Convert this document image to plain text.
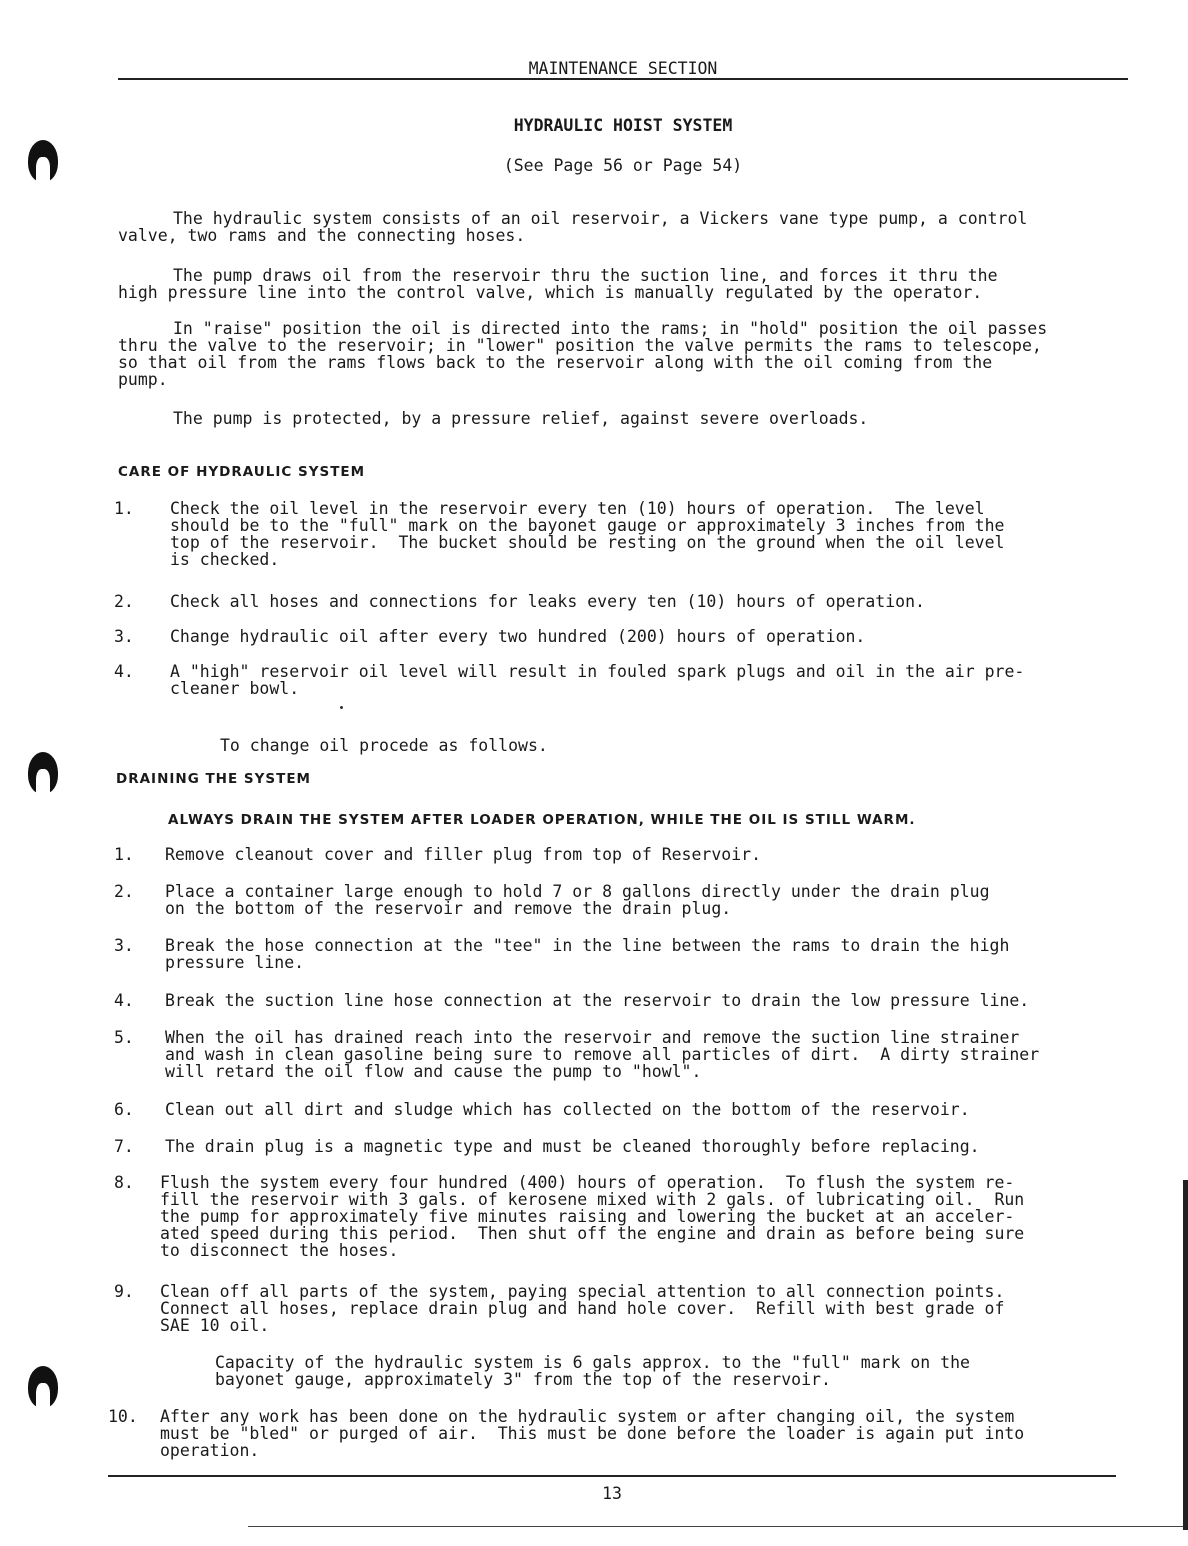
MAINTENANCE SECTION
HYDRAULIC HOIST SYSTEM
(See Page 56 or Page 54)
The hydraulic system consists of an oil reservoir, a Vickers vane type pump, a control
valve, two rams and the connecting hoses.
The pump draws oil from the reservoir thru the suction line, and forces it thru the
high pressure line into the control valve, which is manually regulated by the operator.
In "raise" position the oil is directed into the rams; in "hold" position the oil passes
thru the valve to the reservoir; in "lower" position the valve permits the rams to telescope,
so that oil from the rams flows back to the reservoir along with the oil coming from the
pump.
The pump is protected, by a pressure relief, against severe overloads.
CARE OF HYDRAULIC SYSTEM
1.	Check the oil level in the reservoir every ten (10) hours of operation.  The level
should be to the "full" mark on the bayonet gauge or approximately 3 inches from the
top of the reservoir.  The bucket should be resting on the ground when the oil level
is checked.
2.	Check all hoses and connections for leaks every ten (10) hours of operation.
3.	Change hydraulic oil after every two hundred (200) hours of operation.
4.	A "high" reservoir oil level will result in fouled spark plugs and oil in the air pre-
cleaner bowl.
To change oil procede as follows.
DRAINING THE SYSTEM
ALWAYS DRAIN THE SYSTEM AFTER LOADER OPERATION, WHILE THE OIL IS STILL WARM.
1.	Remove cleanout cover and filler plug from top of Reservoir.
2.	Place a container large enough to hold 7 or 8 gallons directly under the drain plug
on the bottom of the reservoir and remove the drain plug.
3.	Break the hose connection at the "tee" in the line between the rams to drain the high
pressure line.
4.	Break the suction line hose connection at the reservoir to drain the low pressure line.
5.	When the oil has drained reach into the reservoir and remove the suction line strainer
and wash in clean gasoline being sure to remove all particles of dirt.  A dirty strainer
will retard the oil flow and cause the pump to "howl".
6.	Clean out all dirt and sludge which has collected on the bottom of the reservoir.
7.	The drain plug is a magnetic type and must be cleaned thoroughly before replacing.
8.	Flush the system every four hundred (400) hours of operation.  To flush the system re-
fill the reservoir with 3 gals. of kerosene mixed with 2 gals. of lubricating oil.  Run
the pump for approximately five minutes raising and lowering the bucket at an acceler-
ated speed during this period.  Then shut off the engine and drain as before being sure
to disconnect the hoses.
9.	Clean off all parts of the system, paying special attention to all connection points.
Connect all hoses, replace drain plug and hand hole cover.  Refill with best grade of
SAE 10 oil.
Capacity of the hydraulic system is 6 gals approx. to the "full" mark on the
bayonet gauge, approximately 3" from the top of the reservoir.
10.	After any work has been done on the hydraulic system or after changing oil, the system
must be "bled" or purged of air.  This must be done before the loader is again put into
operation.
13
